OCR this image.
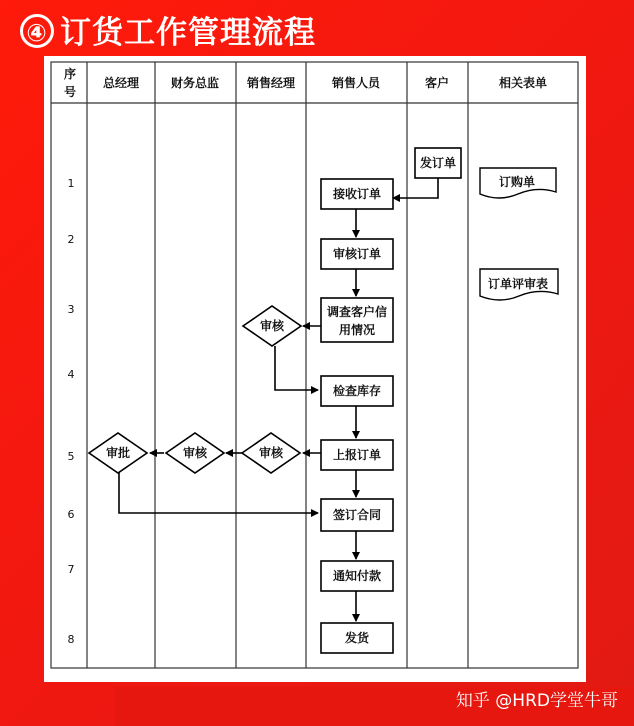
④ 订货工作管理流程
序
号
总经理	财务总监 销售经理	销售人员	客户	相关表单
1
2
3
4
5
6
7
8
发订单
接收订单
审核订单
调查客户信
用情况
审核
检查库存
上报订单
审核
审核
审批
签订合同
通知付款
发货
订购单
订单评审表
知乎 @HRD学堂牛哥
